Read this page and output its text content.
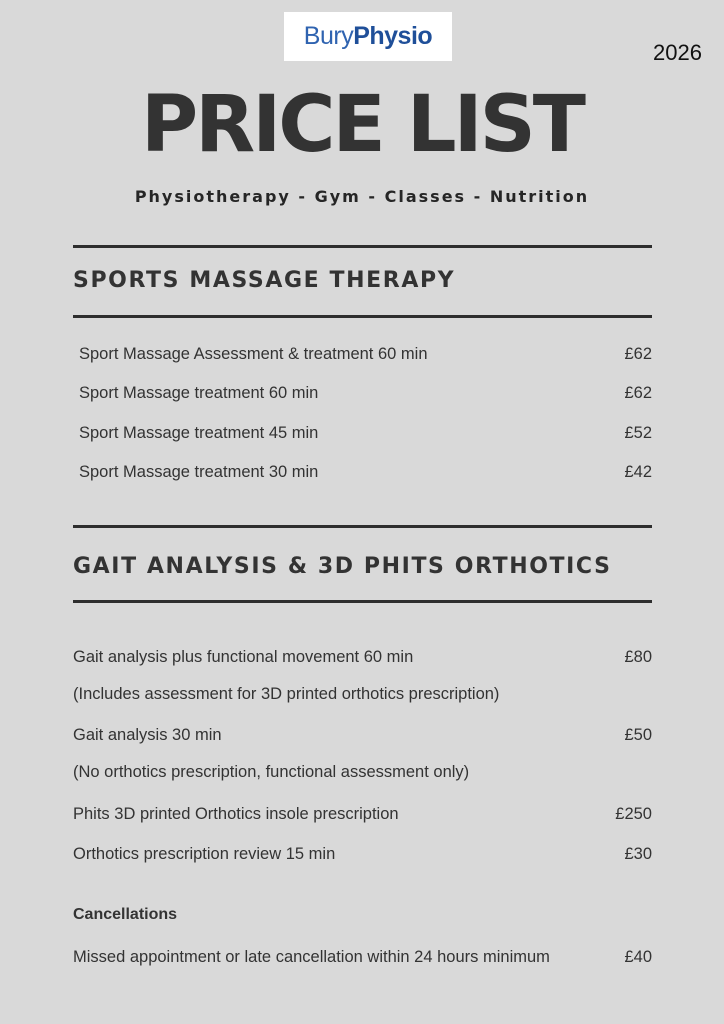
Bury Physio
2026
PRICE LIST
Physiotherapy - Gym - Classes - Nutrition
SPORTS MASSAGE THERAPY
Sport Massage Assessment & treatment 60 min	£62
Sport Massage treatment 60 min	£62
Sport Massage treatment 45 min	£52
Sport Massage treatment 30 min	£42
GAIT ANALYSIS & 3D PHITS ORTHOTICS
Gait analysis plus functional movement 60 min	£80
(Includes assessment for 3D printed orthotics prescription)
Gait analysis 30 min	£50
(No orthotics prescription, functional assessment only)
Phits 3D printed Orthotics insole prescription	£250
Orthotics prescription review 15 min	£30
Cancellations
Missed appointment or late cancellation within 24 hours minimum	£40
